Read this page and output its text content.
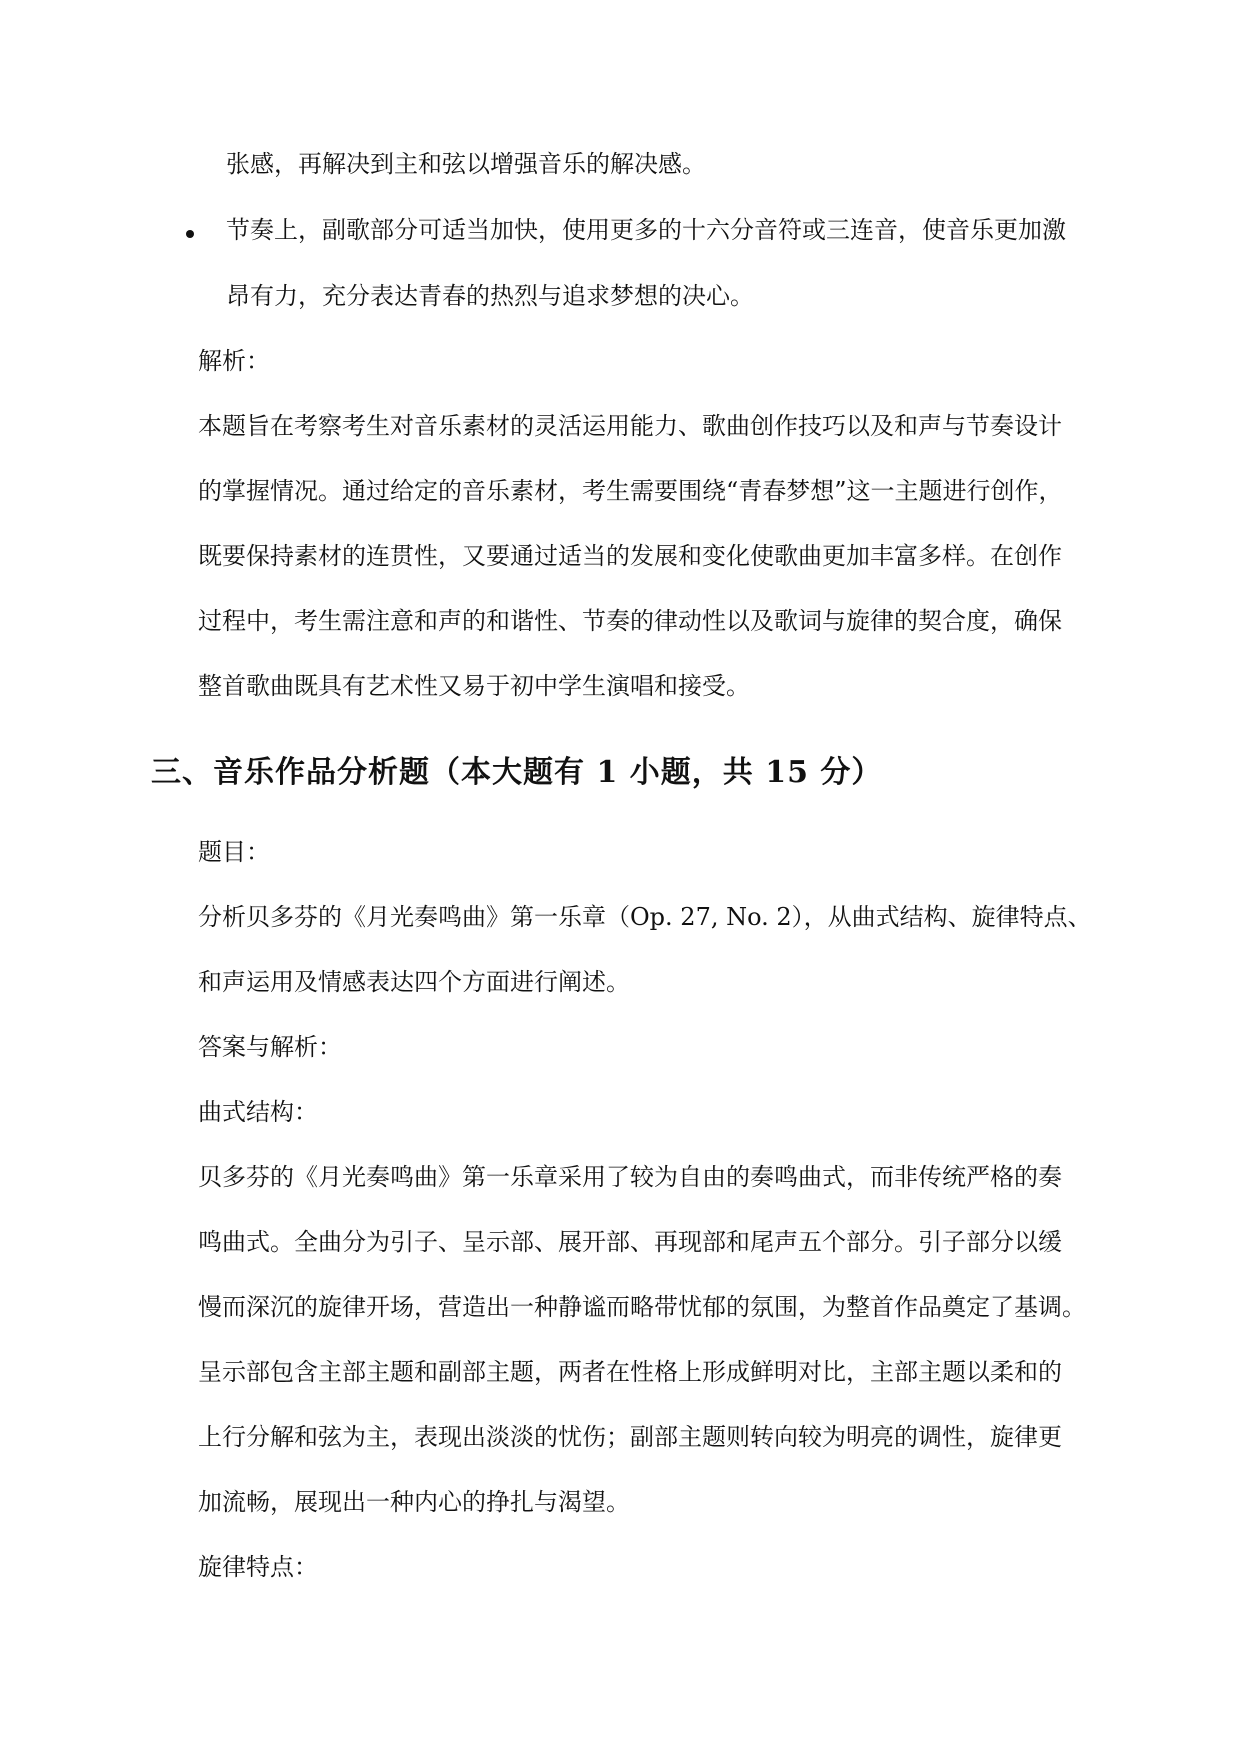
张感，再解决到主和弦以增强音乐的解决感。
节奏上，副歌部分可适当加快，使用更多的十六分音符或三连音，使音乐更加激
昂有力，充分表达青春的热烈与追求梦想的决心。
解析：
本题旨在考察考生对音乐素材的灵活运用能力、歌曲创作技巧以及和声与节奏设计
的掌握情况。通过给定的音乐素材，考生需要围绕“青春梦想”这一主题进行创作，
既要保持素材的连贯性，又要通过适当的发展和变化使歌曲更加丰富多样。在创作
过程中，考生需注意和声的和谐性、节奏的律动性以及歌词与旋律的契合度，确保
整首歌曲既具有艺术性又易于初中学生演唱和接受。
三、音乐作品分析题（本大题有 1 小题，共 15 分）
题目：
分析贝多芬的《月光奏鸣曲》第一乐章（Op. 27, No. 2），从曲式结构、旋律特点、
和声运用及情感表达四个方面进行阐述。
答案与解析：
曲式结构：
贝多芬的《月光奏鸣曲》第一乐章采用了较为自由的奏鸣曲式，而非传统严格的奏
鸣曲式。全曲分为引子、呈示部、展开部、再现部和尾声五个部分。引子部分以缓
慢而深沉的旋律开场，营造出一种静谧而略带忧郁的氛围，为整首作品奠定了基调。
呈示部包含主部主题和副部主题，两者在性格上形成鲜明对比，主部主题以柔和的
上行分解和弦为主，表现出淡淡的忧伤；副部主题则转向较为明亮的调性，旋律更
加流畅，展现出一种内心的挣扎与渴望。
旋律特点：
